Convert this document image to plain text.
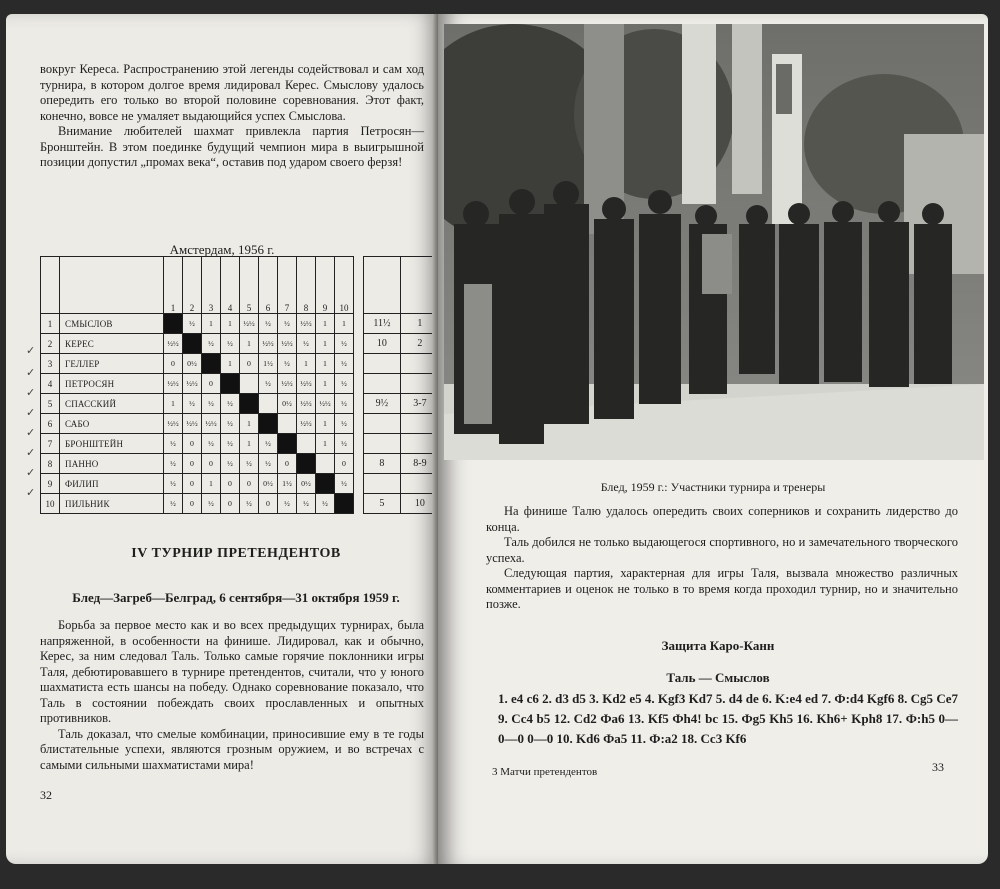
вокруг Кереса. Распространению этой легенды содействовал и сам ход турнира, в котором долгое время лидировал Керес. Смыслову удалось опередить его только во второй половине соревнования. Этот факт, конечно, вовсе не умаляет выдающийся успех Смыслова.

Внимание любителей шахмат привлекла партия Петросян—Бронштейн. В этом поединке будущий чемпион мира в выигрышной позиции допустил „промах века“, оставив под ударом своего ферзя!

Амстердам, 1956 г.
		1	2	3	4	5	6	7	8	9	10			
1	СМЫСЛОВ		½	1	1	½½	½	½	½½	1	1		11½	1
2	КЕРЕС	½½		½	½	1	½½	½½	½	1	½		10	2
3	ГЕЛЛЕР	0	0½		1	0	1½	½	1	1	½			
4	ПЕТРОСЯН	½½	½½	0			½	½½	½½	1	½			
5	СПАССКИЙ	1	½	½	½			0½	½½	½½	½		9½	3-7
6	САБО	½½	½½	½½	½	1			½½	1	½			
7	БРОНШТЕЙН	½	0	½	½	1	½			1	½			
8	ПАННО	½	0	0	½	½	½	0			0		8	8-9
9	ФИЛИП	½	0	1	0	0	0½	1½	0½		½			
10	ПИЛЬНИК	½	0	½	0	½	0	½	½	½			5	10
✓
✓
✓
✓
✓
✓
✓
✓
IV ТУРНИР ПРЕТЕНДЕНТОВ
Блед—Загреб—Белград, 6 сентября—31 октября 1959 г.

Борьба за первое место как и во всех предыдущих турнирах, была напряженной, в особенности на финише. Лидировал, как и обычно, Керес, за ним следовал Таль. Только самые горячие поклонники игры Таля, дебютировавшего в турнире претендентов, считали, что у юного шахматиста есть шансы на победу. Однако соревнование показало, что Таль в состоянии побеждать своих прославленных и опытных противников.

Таль доказал, что смелые комбинации, приносившие ему в те годы блистательные успехи, являются грозным оружием, и во встречах с самыми сильными шахматистами мира!

32
Блед, 1959 г.: Участники турнира и тренеры

На финише Талю удалось опередить своих соперников и сохранить лидерство до конца.

Таль добился не только выдающегося спортивного, но и замечательного творческого успеха.

Следующая партия, характерная для игры Таля, вызвала множество различных комментариев и оценок не только в то время когда проходил турнир, но и значительно позже.

Защита Каро-Канн
Таль — Смыслов
1. e4 c6 2. d3 d5 3. Kd2 e5 4. Kgf3 Kd7 5. d4 de 6. K:e4 ed 7. Ф:d4 Kgf6 8. Cg5 Ce7 9. Cc4 b5 12. Cd2 Фa6 13. Kf5 Фh4! bc 15. Фg5 Kh5 16. Kh6+ Kph8 17. Ф:h5 0—0—0 0—0 10. Kd6 Фa5 11. Ф:a2 18. Cc3 Kf6
3 Матчи претендентов	33
